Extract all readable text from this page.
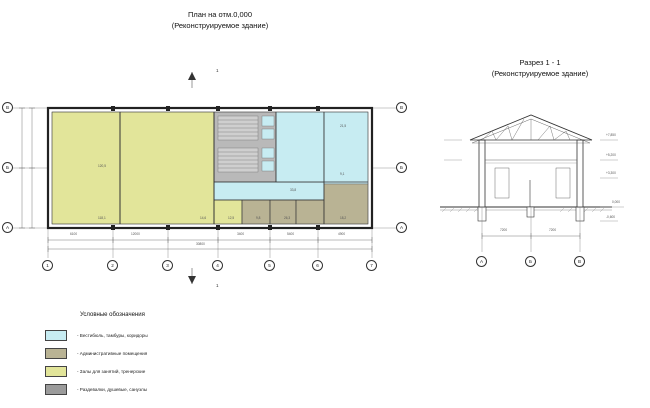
План на отм.0,000
(Реконструируемое здание)
Разрез 1 - 1
(Реконструируемое здание)
В
Б
А
В
Б
А
1	2	3	4	5	6	7
6100	12000	3400	5400	4900
30800
1
1
120,5
118,1	14,6	12,5	9,8	26,3	18,2
21,5
9,1
33,8
А	Б	В
7200	7200
+7,850
+5,200
+3,300
0,000
-0,600
Условные обозначения
- Вестибюль, тамбуры, коридоры
- Административные помещения
- Залы для занятий, тренерские
- Раздевалки, душевые, санузлы
